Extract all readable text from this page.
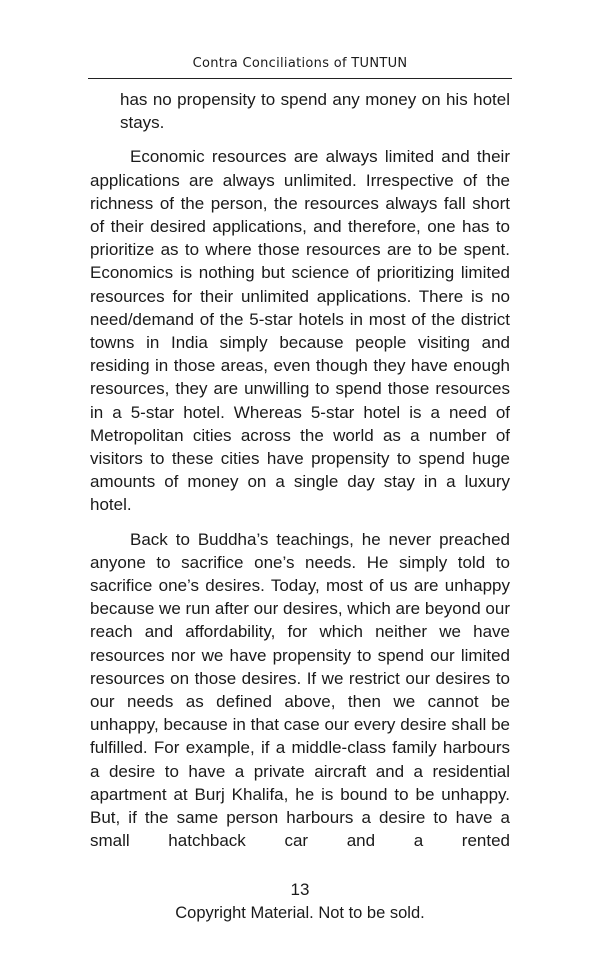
Contra Conciliations of TUNTUN

has no propensity to spend any money on his hotel stays.

Economic resources are always limited and their applications are always unlimited. Irrespective of the richness of the person, the resources always fall short of their desired applications, and therefore, one has to prioritize as to where those resources are to be spent. Economics is nothing but science of prioritizing limited resources for their unlimited applications. There is no need/demand of the 5-star hotels in most of the district towns in India simply because people visiting and residing in those areas, even though they have enough resources, they are unwilling to spend those resources in a 5-star hotel. Whereas 5-star hotel is a need of Metropolitan cities across the world as a number of visitors to these cities have propensity to spend huge amounts of money on a single day stay in a luxury hotel.

Back to Buddha’s teachings, he never preached anyone to sacrifice one’s needs. He simply told to sacrifice one’s desires. Today, most of us are unhappy because we run after our desires, which are beyond our reach and affordability, for which neither we have resources nor we have propensity to spend our limited resources on those desires. If we restrict our desires to our needs as defined above, then we cannot be unhappy, because in that case our every desire shall be fulfilled. For example, if a middle-class family harbours a desire to have a private aircraft and a residential apartment at Burj Khalifa, he is bound to be unhappy. But, if the same person harbours a desire to have a small hatchback car and a rented

13
Copyright Material. Not to be sold.
